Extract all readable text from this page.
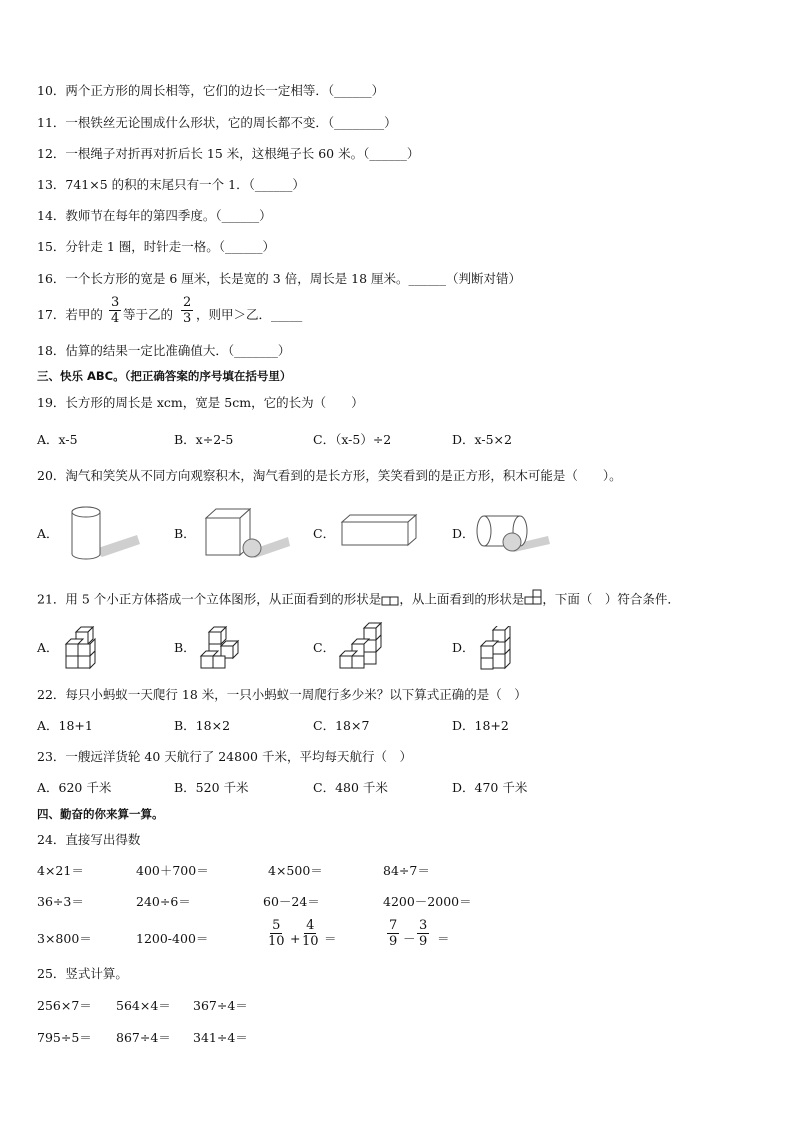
10．两个正方形的周长相等，它们的边长一定相等．（______）
11．一根铁丝无论围成什么形状，它的周长都不变．（________）
12．一根绳子对折再对折后长 15 米，这根绳子长 60 米。（______）
13．741×5 的积的末尾只有一个 1．（______）
14．教师节在每年的第四季度。（______）
15．分针走 1 圈，时针走一格。（______）
16．一个长方形的宽是 6 厘米，长是宽的 3 倍，周长是 18 厘米。______（判断对错）
17．若甲的 $\frac{3}{4}$ 等于乙的 $\frac{2}{3}$ ，则甲＞乙．_____
18．估算的结果一定比准确值大．（_______）
三、快乐 ABC。（把正确答案的序号填在括号里）
19．长方形的周长是 xcm，宽是 5cm，它的长为（　　）
A．x-5	B．x÷2-5	C．（x-5）÷2	D．x-5×2
20．淘气和笑笑从不同方向观察积木，淘气看到的是长方形，笑笑看到的是正方形，积木可能是（　　）。
A．	B．	C．	D．
21．用 5 个小正方体搭成一个立体图形，从正面看到的形状是 ，从上面看到的形状是 ，下面（　）符合条件．
A．	B．	C．	D．
22．每只小蚂蚁一天爬行 18 米，一只小蚂蚁一周爬行多少米？以下算式正确的是（　）
A．18+1	B．18×2	C．18×7	D．18+2
23．一艘远洋货轮 40 天航行了 24800 千米，平均每天航行（　）
A．620 千米	B．520 千米	C．480 千米	D．470 千米
四、勤奋的你来算一算。
24．直接写出得数
4×21＝	400＋700＝	4×500＝	84÷7＝
36÷3＝	240÷6＝	60－24＝	4200－2000＝
3×800＝	1200-400＝	$\frac{5}{10} + \frac{4}{10}$ ＝	$\frac{7}{9} - \frac{3}{9}$ ＝
25．竖式计算。
256×7＝ 564×4＝ 367÷4＝
795÷5＝ 867÷4＝ 341÷4＝
